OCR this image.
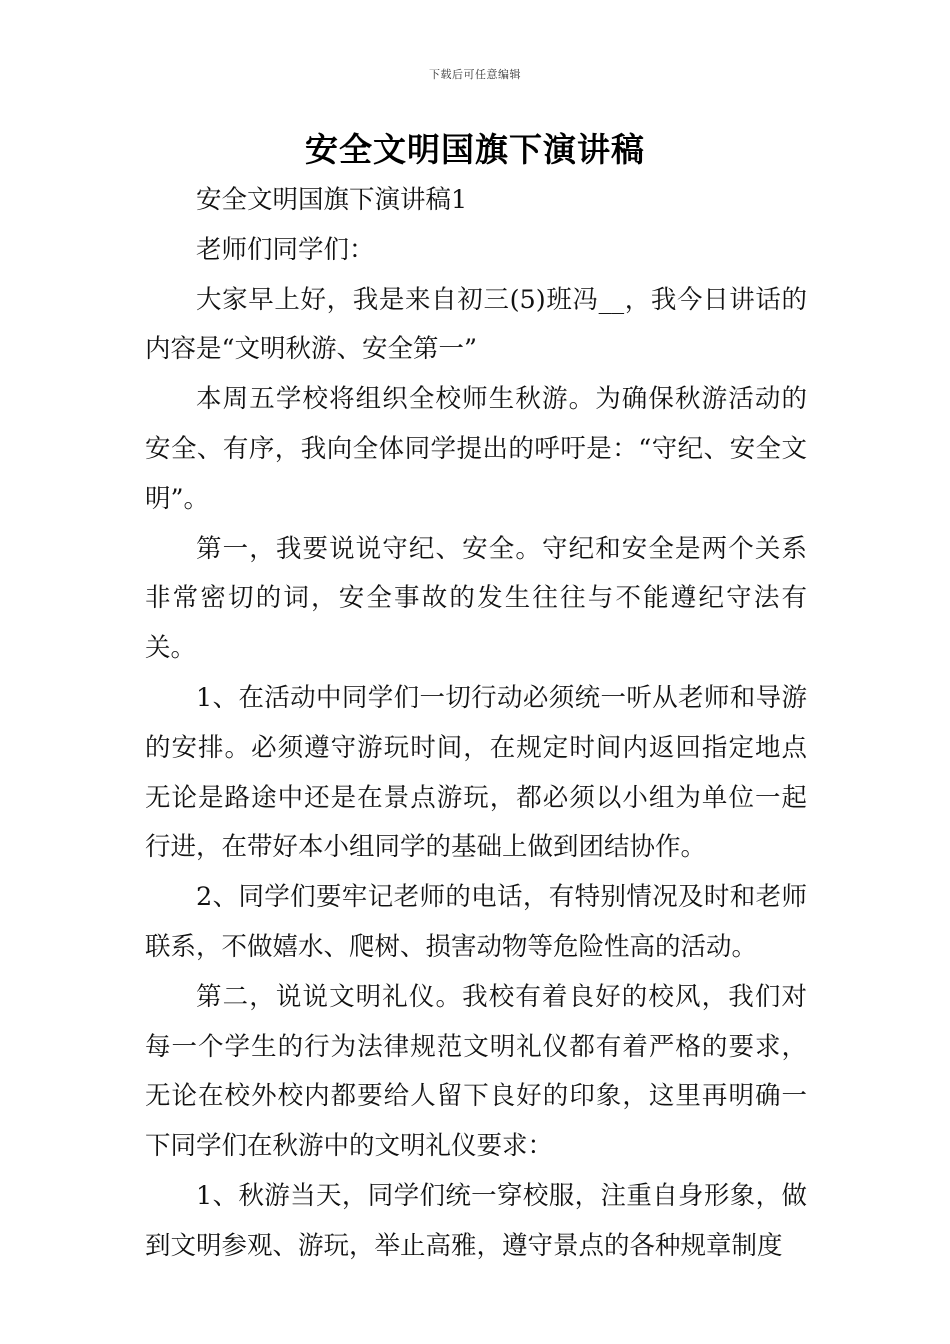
下载后可任意编辑
安全文明国旗下演讲稿

安全文明国旗下演讲稿1

老师们同学们：

大家早上好，我是来自初三(5)班冯__，我今日讲话的内容是“文明秋游、安全第一”

本周五学校将组织全校师生秋游。为确保秋游活动的安全、有序，我向全体同学提出的呼吁是：“守纪、安全文明”。

第一，我要说说守纪、安全。守纪和安全是两个关系非常密切的词，安全事故的发生往往与不能遵纪守法有关。

1、在活动中同学们一切行动必须统一听从老师和导游的安排。必须遵守游玩时间，在规定时间内返回指定地点无论是路途中还是在景点游玩，都必须以小组为单位一起行进，在带好本小组同学的基础上做到团结协作。

2、同学们要牢记老师的电话，有特别情况及时和老师联系，不做嬉水、爬树、损害动物等危险性高的活动。

第二，说说文明礼仪。我校有着良好的校风，我们对每一个学生的行为法律规范文明礼仪都有着严格的要求，无论在校外校内都要给人留下良好的印象，这里再明确一下同学们在秋游中的文明礼仪要求：

1、秋游当天，同学们统一穿校服，注重自身形象，做到文明参观、游玩，举止高雅，遵守景点的各种规章制度
